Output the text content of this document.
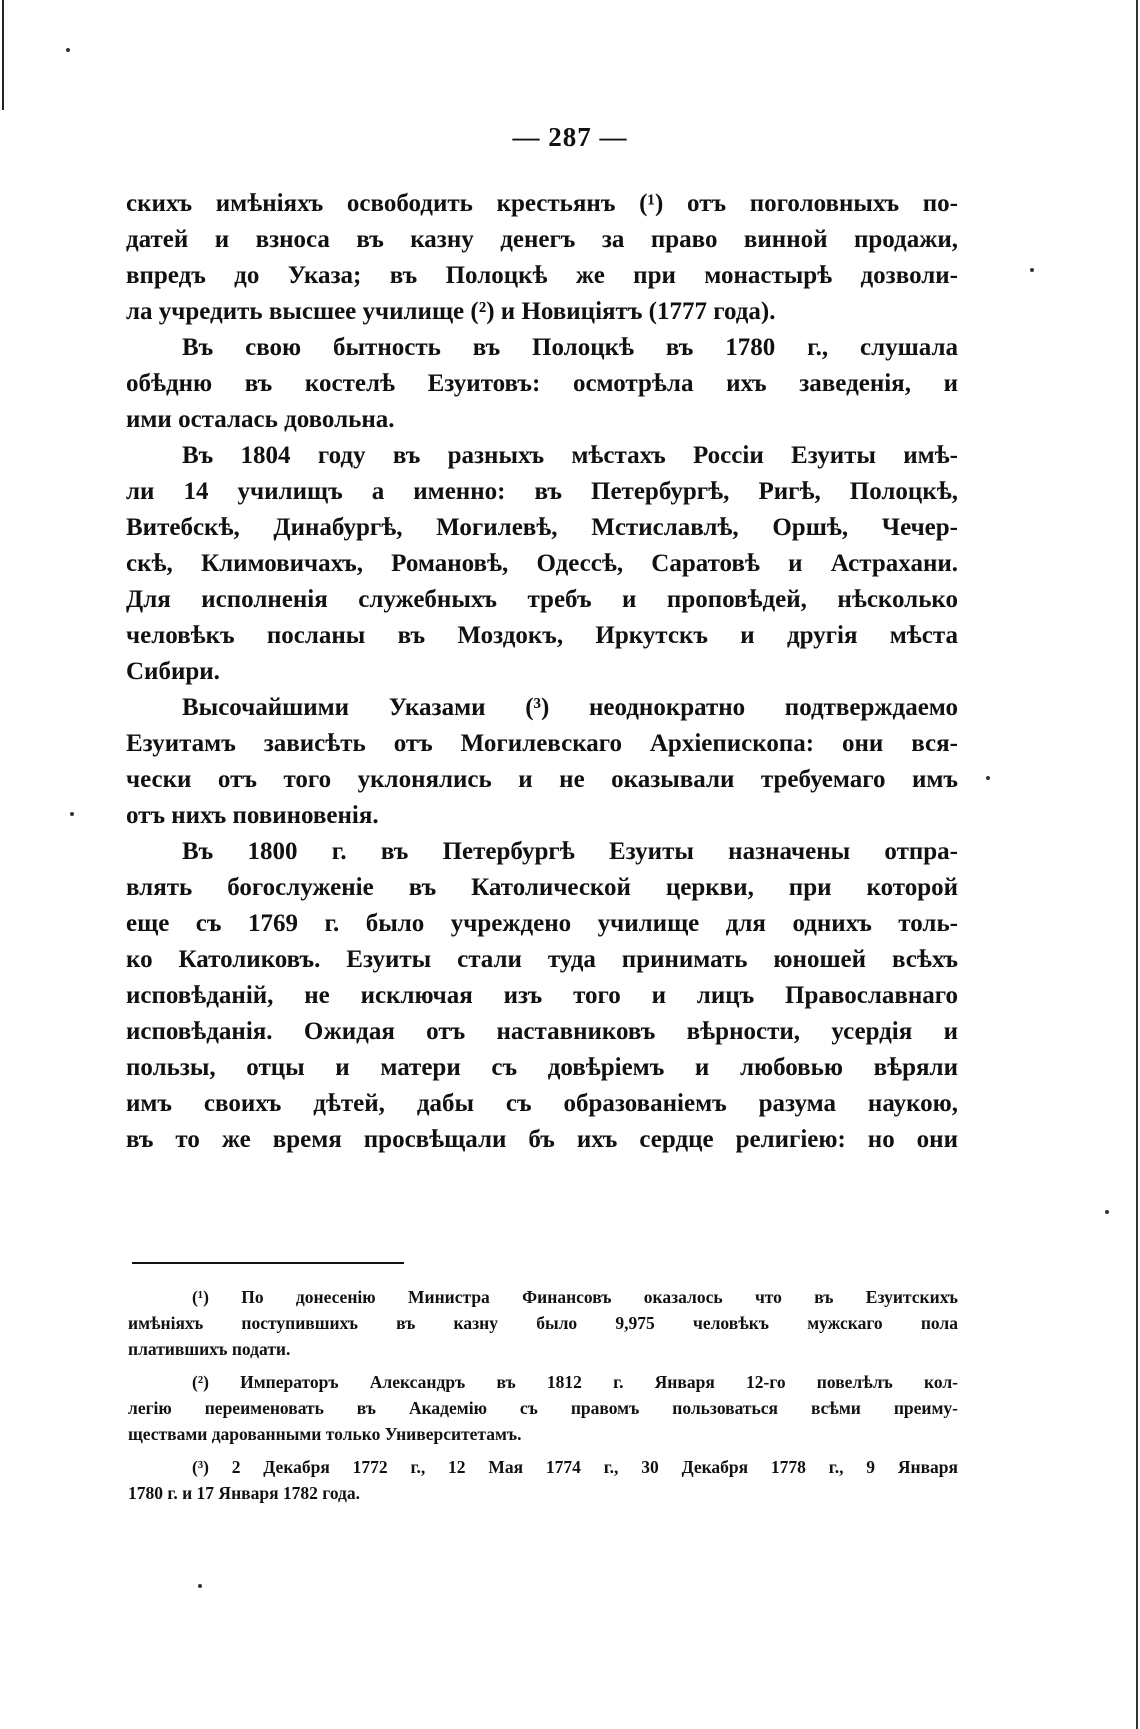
— 287 —

скихъ имѣніяхъ освободить крестьянъ (¹) отъ поголовныхъ по-
датей и взноса въ казну денегъ за право винной продажи,
впредъ до Указа; въ Полоцкѣ же при монастырѣ дозволи-
ла учредить высшее училище (²) и Новиціятъ (1777 года).

Въ свою бытность въ Полоцкѣ въ 1780 г., слушала
обѣдню въ костелѣ Езуитовъ: осмотрѣла ихъ заведенія, и
ими осталась довольна.

Въ 1804 году въ разныхъ мѣстахъ Россіи Езуиты имѣ-
ли 14 училищъ а именно: въ Петербургѣ, Ригѣ, Полоцкѣ,
Витебскѣ, Динабургѣ, Могилевѣ, Мстиславлѣ, Оршѣ, Чечер-
скѣ, Климовичахъ, Романовѣ, Одессѣ, Саратовѣ и Астрахани.
Для исполненія служебныхъ требъ и проповѣдей, нѣсколько
человѣкъ посланы въ Моздокъ, Иркутскъ и другія мѣста
Сибири.

Высочайшими Указами (³) неоднократно подтверждаемо
Езуитамъ зависѣть отъ Могилевскаго Архіепископа: они вся-
чески отъ того уклонялись и не оказывали требуемаго имъ
отъ нихъ повиновенія.

Въ 1800 г. въ Петербургѣ Езуиты назначены отпра-
влять богослуженіе въ Католической церкви, при которой
еще съ 1769 г. было учреждено училище для однихъ толь-
ко Католиковъ. Езуиты стали туда принимать юношей всѣхъ
исповѣданій, не исключая изъ того и лицъ Православнаго
исповѣданія. Ожидая отъ наставниковъ вѣрности, усердія и
пользы, отцы и матери съ довѣріемъ и любовью вѣряли
имъ своихъ дѣтей, дабы съ образованіемъ разума наукою,
въ то же время просвѣщали бъ ихъ сердце религіею: но они

(¹) По донесенію Министра Финансовъ оказалось что въ Езуитскихъ
имѣніяхъ поступившихъ въ казну было 9,975 человѣкъ мужскаго пола
платившихъ подати.
(²) Императоръ Александръ въ 1812 г. Января 12-го повелѣлъ кол-
легію переименовать въ Академію съ правомъ пользоваться всѣми преиму-
ществами дарованными только Университетамъ.
(³) 2 Декабря 1772 г., 12 Мая 1774 г., 30 Декабря 1778 г., 9 Января
1780 г. и 17 Января 1782 года.
